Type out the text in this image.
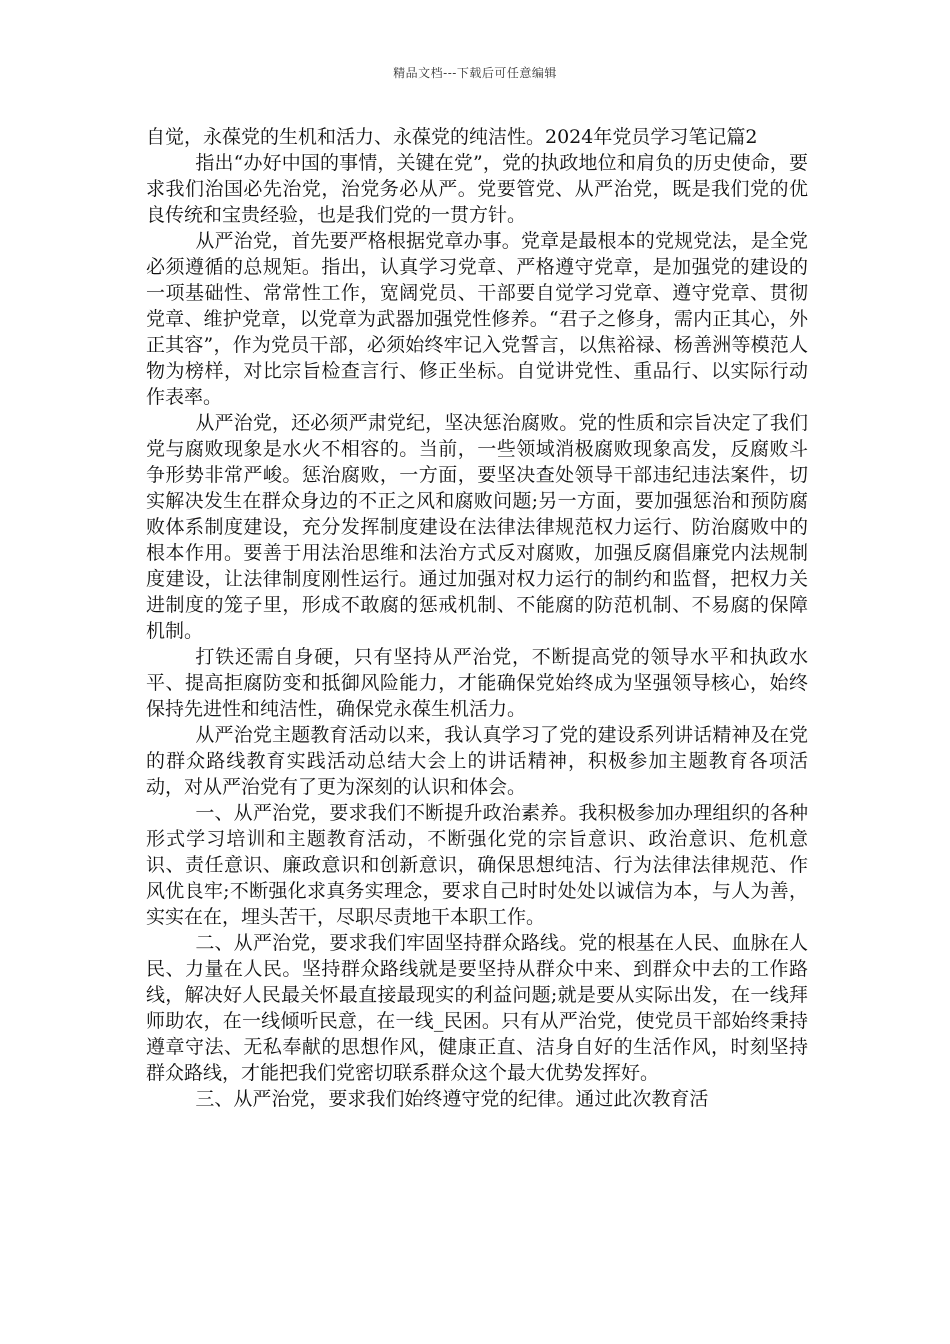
精品文档---下载后可任意编辑

自觉，永葆党的生机和活力、永葆党的纯洁性。2024年党员学习笔记篇2

指出“办好中国的事情，关键在党”，党的执政地位和肩负的历史使命，要求我们治国必先治党，治党务必从严。党要管党、从严治党，既是我们党的优良传统和宝贵经验，也是我们党的一贯方针。

从严治党，首先要严格根据党章办事。党章是最根本的党规党法，是全党必须遵循的总规矩。指出，认真学习党章、严格遵守党章，是加强党的建设的一项基础性、常常性工作，宽阔党员、干部要自觉学习党章、遵守党章、贯彻党章、维护党章，以党章为武器加强党性修养。“君子之修身，需内正其心，外正其容”，作为党员干部，必须始终牢记入党誓言，以焦裕禄、杨善洲等模范人物为榜样，对比宗旨检查言行、修正坐标。自觉讲党性、重品行、以实际行动作表率。

从严治党，还必须严肃党纪，坚决惩治腐败。党的性质和宗旨决定了我们党与腐败现象是水火不相容的。当前，一些领域消极腐败现象高发，反腐败斗争形势非常严峻。惩治腐败，一方面，要坚决查处领导干部违纪违法案件，切实解决发生在群众身边的不正之风和腐败问题;另一方面，要加强惩治和预防腐败体系制度建设，充分发挥制度建设在法律法律规范权力运行、防治腐败中的根本作用。要善于用法治思维和法治方式反对腐败，加强反腐倡廉党内法规制度建设，让法律制度刚性运行。通过加强对权力运行的制约和监督，把权力关进制度的笼子里，形成不敢腐的惩戒机制、不能腐的防范机制、不易腐的保障机制。

打铁还需自身硬，只有坚持从严治党，不断提高党的领导水平和执政水平、提高拒腐防变和抵御风险能力，才能确保党始终成为坚强领导核心，始终保持先进性和纯洁性，确保党永葆生机活力。

从严治党主题教育活动以来，我认真学习了党的建设系列讲话精神及在党的群众路线教育实践活动总结大会上的讲话精神，积极参加主题教育各项活动，对从严治党有了更为深刻的认识和体会。

一、从严治党，要求我们不断提升政治素养。我积极参加办理组织的各种形式学习培训和主题教育活动，不断强化党的宗旨意识、政治意识、危机意识、责任意识、廉政意识和创新意识，确保思想纯洁、行为法律法律规范、作风优良牢;不断强化求真务实理念，要求自己时时处处以诚信为本，与人为善，实实在在，埋头苦干，尽职尽责地干本职工作。

二、从严治党，要求我们牢固坚持群众路线。党的根基在人民、血脉在人民、力量在人民。坚持群众路线就是要坚持从群众中来、到群众中去的工作路线，解决好人民最关怀最直接最现实的利益问题;就是要从实际出发，在一线拜师助农，在一线倾听民意，在一线_民困。只有从严治党，使党员干部始终秉持遵章守法、无私奉献的思想作风，健康正直、洁身自好的生活作风，时刻坚持群众路线，才能把我们党密切联系群众这个最大优势发挥好。

三、从严治党，要求我们始终遵守党的纪律。通过此次教育活
